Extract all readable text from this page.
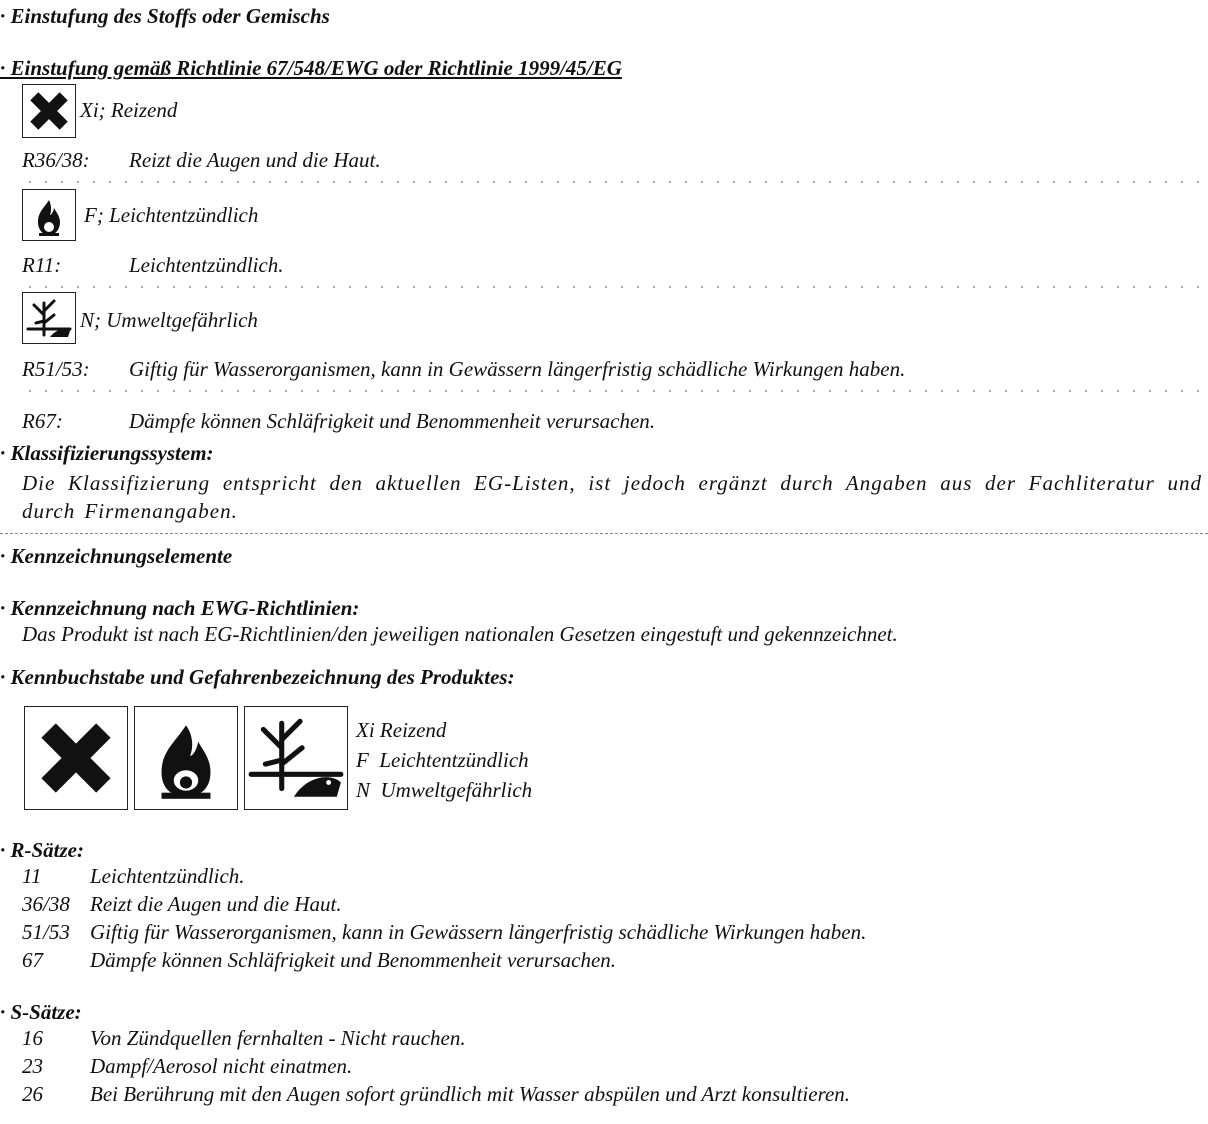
· Einstufung des Stoffs oder Gemischs
· Einstufung gemäß Richtlinie 67/548/EWG oder Richtlinie 1999/45/EG
Xi; Reizend
R36/38: Reizt die Augen und die Haut.
F; Leichtentzündlich
R11:	Leichtentzündlich.
N; Umweltgefährlich
R51/53: Giftig für Wasserorganismen, kann in Gewässern längerfristig schädliche Wirkungen haben.
R67:	Dämpfe können Schläfrigkeit und Benommenheit verursachen.
· Klassifizierungssystem:
Die Klassifizierung entspricht den aktuellen EG-Listen, ist jedoch ergänzt durch Angaben aus der Fachliteratur und durch Firmenangaben.
· Kennzeichnungselemente
· Kennzeichnung nach EWG-Richtlinien:
Das Produkt ist nach EG-Richtlinien/den jeweiligen nationalen Gesetzen eingestuft und gekennzeichnet.
· Kennbuchstabe und Gefahrenbezeichnung des Produktes:
Xi Reizend
F Leichtentzündlich
N Umweltgefährlich
· R-Sätze:
11 Leichtentzündlich.
36/38 Reizt die Augen und die Haut.
51/53 Giftig für Wasserorganismen, kann in Gewässern längerfristig schädliche Wirkungen haben.
67 Dämpfe können Schläfrigkeit und Benommenheit verursachen.
· S-Sätze:
16 Von Zündquellen fernhalten - Nicht rauchen.
23 Dampf/Aerosol nicht einatmen.
26 Bei Berührung mit den Augen sofort gründlich mit Wasser abspülen und Arzt konsultieren.
